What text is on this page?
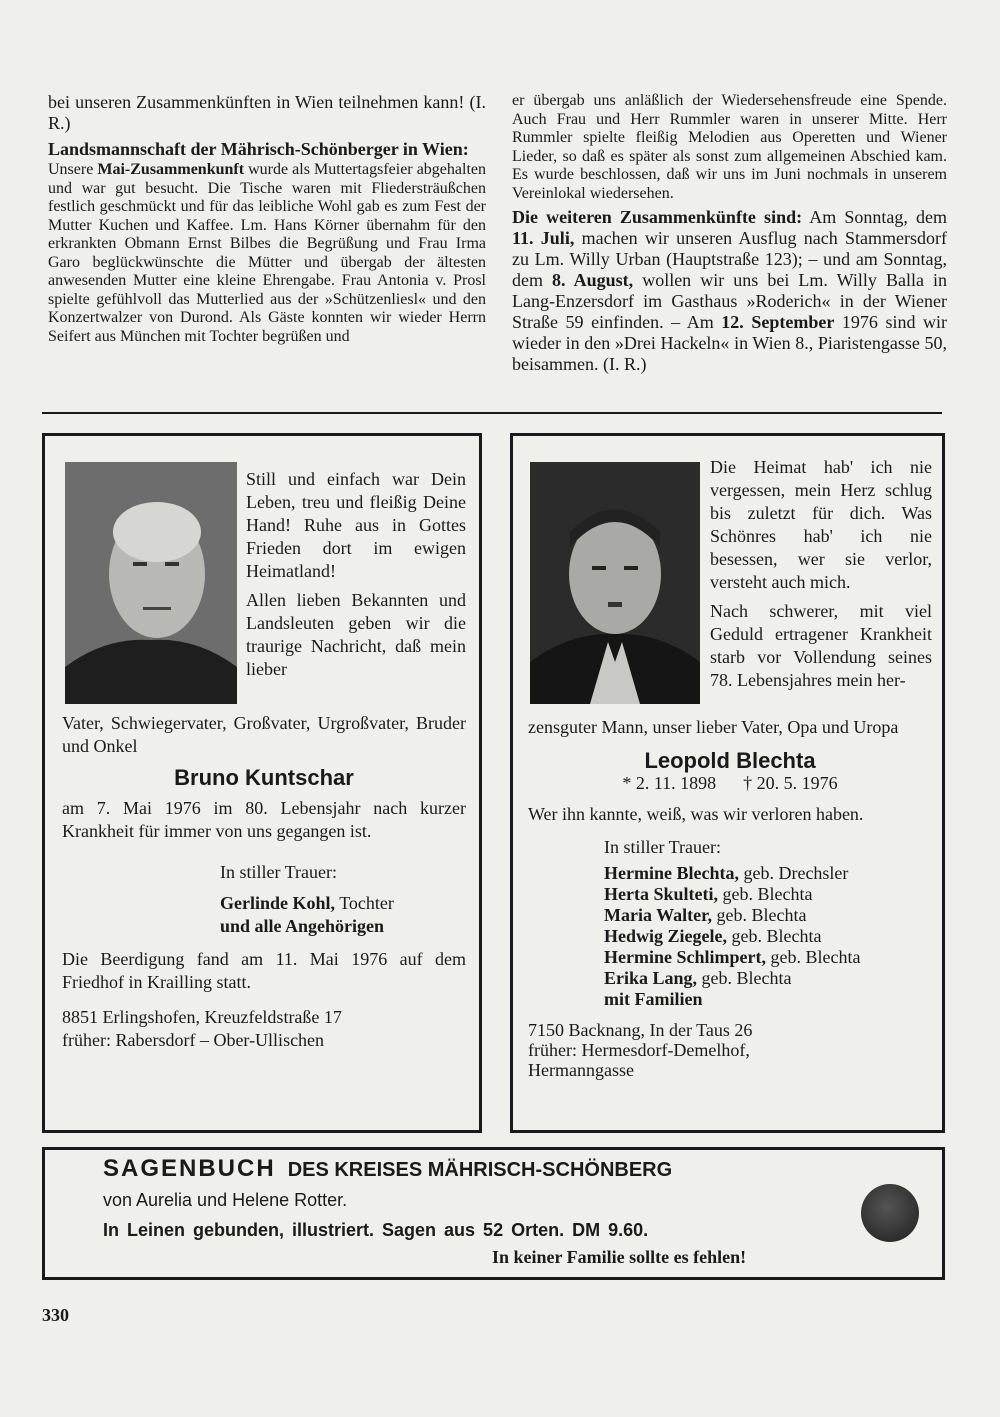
bei unseren Zusammenkünften in Wien teilnehmen kann! (I. R.)

Landsmannschaft der Mährisch-Schönberger in Wien:

Unsere Mai-Zusammenkunft wurde als Muttertagsfeier abgehalten und war gut besucht. Die Tische waren mit Fliedersträußchen festlich geschmückt und für das leibliche Wohl gab es zum Fest der Mutter Kuchen und Kaffee. Lm. Hans Körner übernahm für den erkrankten Obmann Ernst Bilbes die Begrüßung und Frau Irma Garo beglückwünschte die Mütter und übergab der ältesten anwesenden Mutter eine kleine Ehrengabe. Frau Antonia v. Prosl spielte gefühlvoll das Mutterlied aus der »Schützenliesl« und den Konzertwalzer von Durond. Als Gäste konnten wir wieder Herrn Seifert aus München mit Tochter begrüßen und

er übergab uns anläßlich der Wiedersehensfreude eine Spende. Auch Frau und Herr Rummler waren in unserer Mitte. Herr Rummler spielte fleißig Melodien aus Operetten und Wiener Lieder, so daß es später als sonst zum allgemeinen Abschied kam. Es wurde beschlossen, daß wir uns im Juni nochmals in unserem Vereinlokal wiedersehen.

Die weiteren Zusammenkünfte sind: Am Sonntag, dem 11. Juli, machen wir unseren Ausflug nach Stammersdorf zu Lm. Willy Urban (Hauptstraße 123); – und am Sonntag, dem 8. August, wollen wir uns bei Lm. Willy Balla in Lang-Enzersdorf im Gasthaus »Roderich« in der Wiener Straße 59 einfinden. – Am 12. September 1976 sind wir wieder in den »Drei Hackeln« in Wien 8., Piaristengasse 50, beisammen. (I. R.)

Still und einfach war Dein Leben, treu und fleißig Deine Hand! Ruhe aus in Gottes Frieden dort im ewigen Heimatland!

Allen lieben Bekannten und Landsleuten geben wir die traurige Nachricht, daß mein lieber

Vater, Schwiegervater, Großvater, Urgroßvater, Bruder und Onkel

Bruno Kuntschar

am 7. Mai 1976 im 80. Lebensjahr nach kurzer Krankheit für immer von uns gegangen ist.

In stiller Trauer:

Gerlinde Kohl, Tochter

und alle Angehörigen

Die Beerdigung fand am 11. Mai 1976 auf dem Friedhof in Krailling statt.

8851 Erlingshofen, Kreuzfeldstraße 17

früher: Rabersdorf – Ober-Ullischen

Die Heimat hab' ich nie vergessen, mein Herz schlug bis zuletzt für dich. Was Schönres hab' ich nie besessen, wer sie verlor, versteht auch mich.

Nach schwerer, mit viel Geduld ertragener Krankheit starb vor Vollendung seines 78. Lebensjahres mein her-

zensguter Mann, unser lieber Vater, Opa und Uropa

Leopold Blechta

* 2. 11. 1898 † 20. 5. 1976

Wer ihn kannte, weiß, was wir verloren haben.

In stiller Trauer:

Hermine Blechta, geb. Drechsler
Herta Skulteti, geb. Blechta
Maria Walter, geb. Blechta
Hedwig Ziegele, geb. Blechta
Hermine Schlimpert, geb. Blechta
Erika Lang, geb. Blechta

mit Familien

7150 Backnang, In der Taus 26

früher: Hermesdorf-Demelhof,

Hermanngasse

SAGENBUCH DES KREISES MÄHRISCH-SCHÖNBERG
von Aurelia und Helene Rotter.
In Leinen gebunden, illustriert. Sagen aus 52 Orten. DM 9.60.
In keiner Familie sollte es fehlen!
330
